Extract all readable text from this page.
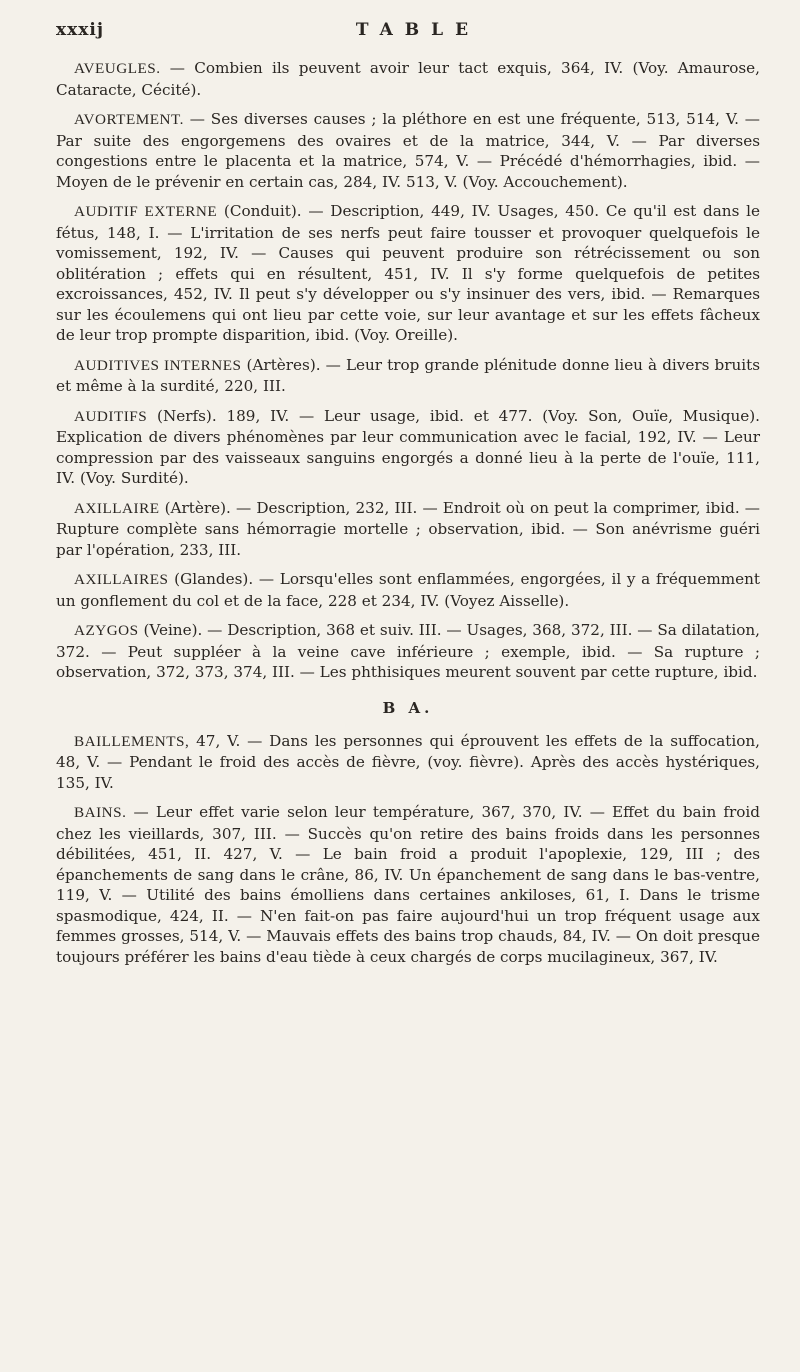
xxxij	TABLE

AVEUGLES. — Combien ils peuvent avoir leur tact exquis, 364, IV. (Voy. Amaurose, Cataracte, Cécité).

AVORTEMENT. — Ses diverses causes ; la pléthore en est une fréquente, 513, 514, V. — Par suite des engorgemens des ovaires et de la matrice, 344, V. — Par diverses congestions entre le placenta et la matrice, 574, V. — Précédé d'hémorrhagies, ibid. — Moyen de le prévenir en certain cas, 284, IV. 513, V. (Voy. Accouchement).

AUDITIF EXTERNE (Conduit). — Description, 449, IV. Usages, 450. Ce qu'il est dans le fétus, 148, I. — L'irritation de ses nerfs peut faire tousser et provoquer quelquefois le vomissement, 192, IV. — Causes qui peuvent produire son rétrécissement ou son oblitération ; effets qui en résultent, 451, IV. Il s'y forme quelquefois de petites excroissances, 452, IV. Il peut s'y développer ou s'y insinuer des vers, ibid. — Remarques sur les écoulemens qui ont lieu par cette voie, sur leur avantage et sur les effets fâcheux de leur trop prompte disparition, ibid. (Voy. Oreille).

AUDITIVES INTERNES (Artères). — Leur trop grande plénitude donne lieu à divers bruits et même à la surdité, 220, III.

AUDITIFS (Nerfs). 189, IV. — Leur usage, ibid. et 477. (Voy. Son, Ouïe, Musique). Explication de divers phénomènes par leur communication avec le facial, 192, IV. — Leur compression par des vaisseaux sanguins engorgés a donné lieu à la perte de l'ouïe, 111, IV. (Voy. Surdité).

AXILLAIRE (Artère). — Description, 232, III. — Endroit où on peut la comprimer, ibid. — Rupture complète sans hémorragie mortelle ; observation, ibid. — Son anévrisme guéri par l'opération, 233, III.

AXILLAIRES (Glandes). — Lorsqu'elles sont enflammées, engorgées, il y a fréquemment un gonflement du col et de la face, 228 et 234, IV. (Voyez Aisselle).

AZYGOS (Veine). — Description, 368 et suiv. III. — Usages, 368, 372, III. — Sa dilatation, 372. — Peut suppléer à la veine cave inférieure ; exemple, ibid. — Sa rupture ; observation, 372, 373, 374, III. — Les phthisiques meurent souvent par cette rupture, ibid.

B A.

BAILLEMENTS, 47, V. — Dans les personnes qui éprouvent les effets de la suffocation, 48, V. — Pendant le froid des accès de fièvre, (voy. fièvre). Après des accès hystériques, 135, IV.

BAINS. — Leur effet varie selon leur température, 367, 370, IV. — Effet du bain froid chez les vieillards, 307, III. — Succès qu'on retire des bains froids dans les personnes débilitées, 451, II. 427, V. — Le bain froid a produit l'apoplexie, 129, III ; des épanchements de sang dans le crâne, 86, IV. Un épanchement de sang dans le bas-ventre, 119, V. — Utilité des bains émolliens dans certaines ankiloses, 61, I. Dans le trisme spasmodique, 424, II. — N'en fait-on pas faire aujourd'hui un trop fréquent usage aux femmes grosses, 514, V. — Mauvais effets des bains trop chauds, 84, IV. — On doit presque toujours préférer les bains d'eau tiède à ceux chargés de corps mucilagineux, 367, IV.
